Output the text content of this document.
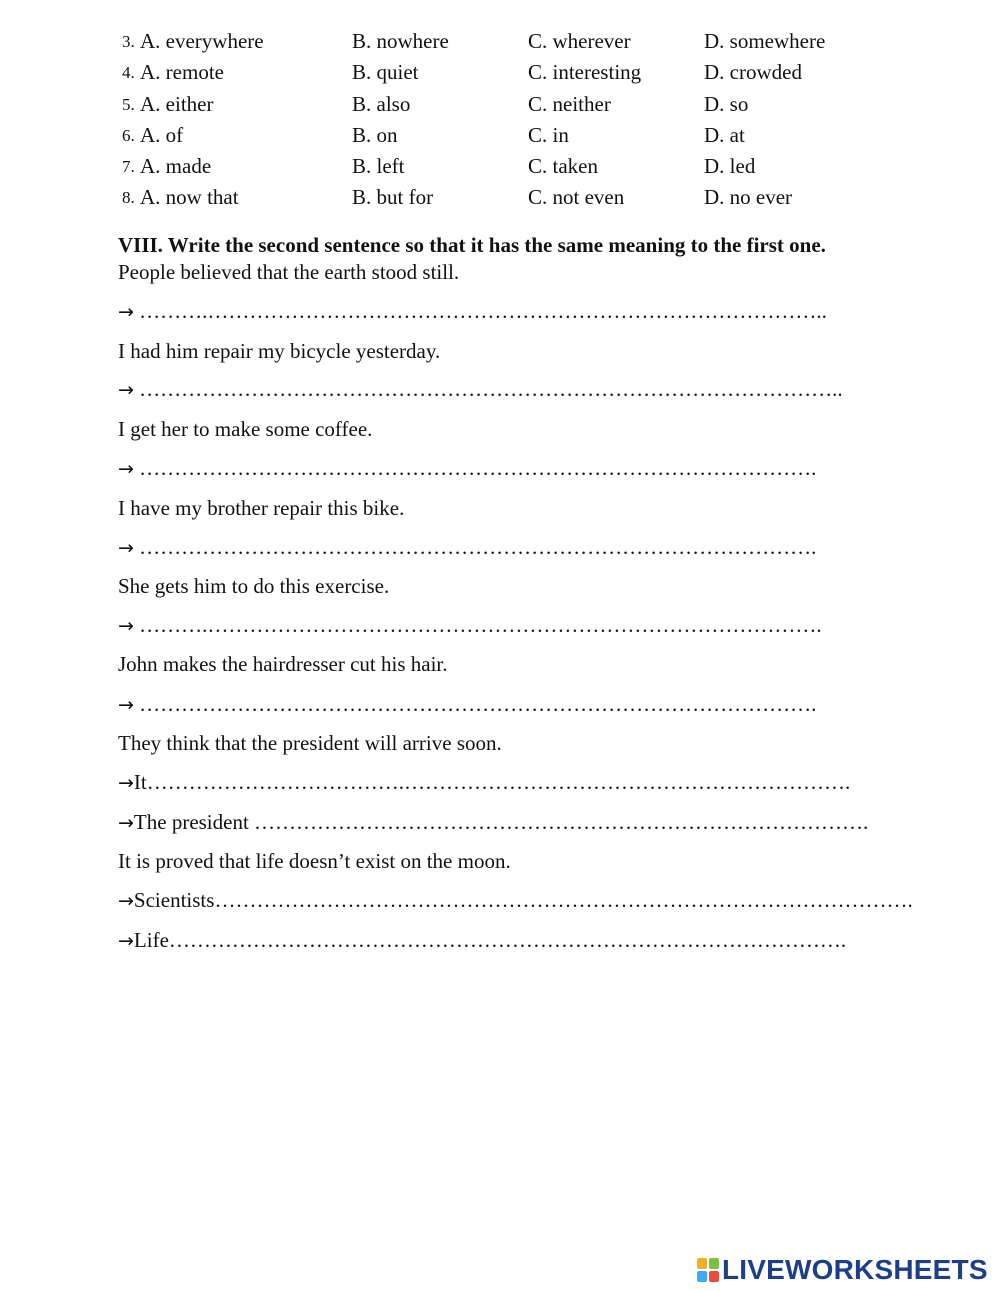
3. A. everywhere	B. nowhere	C. wherever	D. somewhere
4. A. remote	B. quiet	C. interesting	D. crowded
5. A. either	B. also	C. neither	D. so
6. A. of	B. on	C. in	D. at
7. A. made	B. left	C. taken	D. led
8. A. now that	B. but for	C. not even	D. no ever
VIII. Write the second sentence so that it has the same meaning to the first one.
People believed that the earth stood still.
→ ……….……………………………………………………………………………..
I had him repair my bicycle yesterday.
→ ………………………………………………………………………………………..
I get her to make some coffee.
→ …………………………………………………………………………………….
I have my brother repair this bike.
→ …………………………………………………………………………………….
She gets him to do this exercise.
→ ……….…………………………………………………………………………….
John makes the hairdresser cut his hair.
→ …………………………………………………………………………………….
They think that the president will arrive soon.
→It……………………………….……………………………………………………….
→The president …………………………………………………………………………….
It is proved that life doesn’t exist on the moon.
→Scientists……………………………………………………………………………………….
→Life…………………………………………………………………………………….
LIVEWORKSHEETS
